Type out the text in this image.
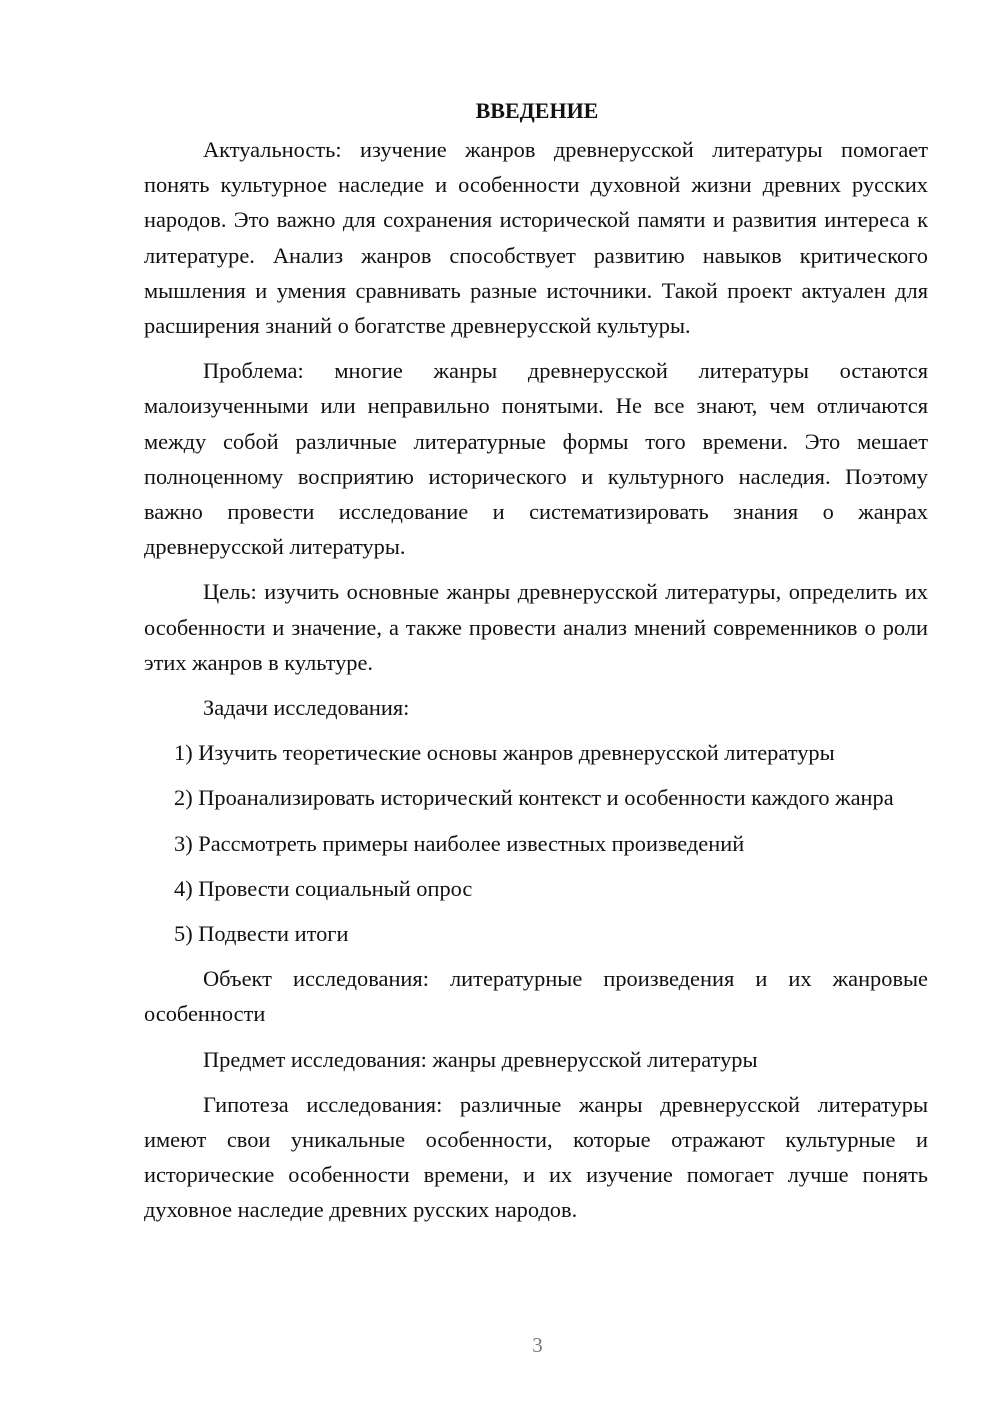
ВВЕДЕНИЕ

Актуальность: изучение жанров древнерусской литературы помогает понять культурное наследие и особенности духовной жизни древних русских народов. Это важно для сохранения исторической памяти и развития интереса к литературе. Анализ жанров способствует развитию навыков критического мышления и умения сравнивать разные источники. Такой проект актуален для расширения знаний о богатстве древнерусской культуры.

Проблема: многие жанры древнерусской литературы остаются малоизученными или неправильно понятыми. Не все знают, чем отличаются между собой различные литературные формы того времени. Это мешает полноценному восприятию исторического и культурного наследия. Поэтому важно провести исследование и систематизировать знания о жанрах древнерусской литературы.

Цель: изучить основные жанры древнерусской литературы, определить их особенности и значение, а также провести анализ мнений современников о роли этих жанров в культуре.

Задачи исследования:

1) Изучить теоретические основы жанров древнерусской литературы

2) Проанализировать исторический контекст и особенности каждого жанра

3) Рассмотреть примеры наиболее известных произведений

4) Провести социальный опрос

5) Подвести итоги

Объект исследования: литературные произведения и их жанровые особенности

Предмет исследования: жанры древнерусской литературы

Гипотеза исследования: различные жанры древнерусской литературы имеют свои уникальные особенности, которые отражают культурные и исторические особенности времени, и их изучение помогает лучше понять духовное наследие древних русских народов.

3
